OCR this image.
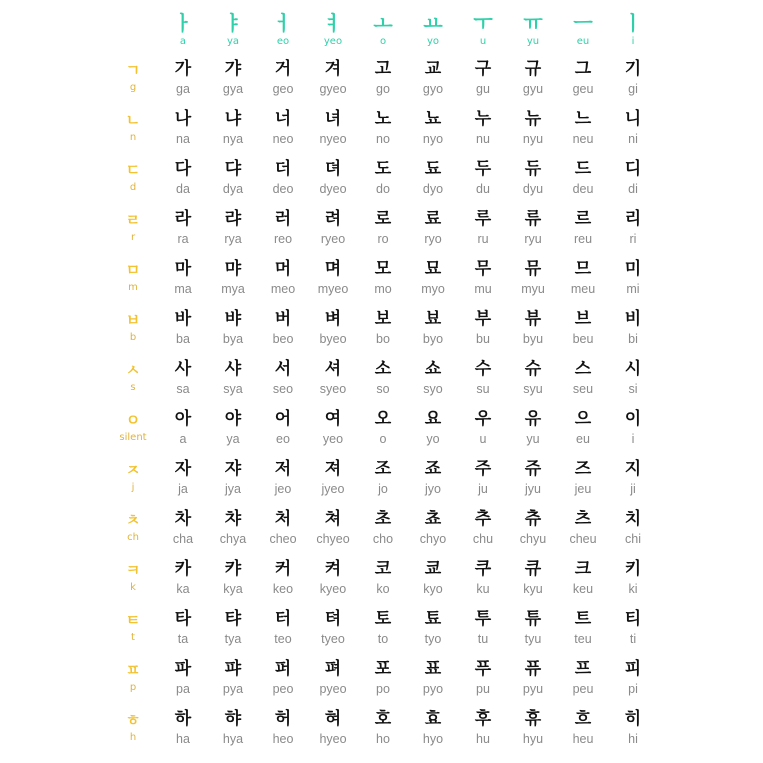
ㅏ
a
ㅑ
ya
ㅓ
eo
ㅕ
yeo
ㅗ
o
ㅛ
yo
ㅜ
u
ㅠ
yu
ㅡ
eu
ㅣ
i
ㄱ
g
가
ga
갸
gya
거
geo
겨
gyeo
고
go
교
gyo
구
gu
규
gyu
그
geu
기
gi
ㄴ
n
나
na
냐
nya
너
neo
녀
nyeo
노
no
뇨
nyo
누
nu
뉴
nyu
느
neu
니
ni
ㄷ
d
다
da
댜
dya
더
deo
뎌
dyeo
도
do
됴
dyo
두
du
듀
dyu
드
deu
디
di
ㄹ
r
라
ra
랴
rya
러
reo
려
ryeo
로
ro
료
ryo
루
ru
류
ryu
르
reu
리
ri
ㅁ
m
마
ma
먀
mya
머
meo
며
myeo
모
mo
묘
myo
무
mu
뮤
myu
므
meu
미
mi
ㅂ
b
바
ba
뱌
bya
버
beo
벼
byeo
보
bo
뵤
byo
부
bu
뷰
byu
브
beu
비
bi
ㅅ
s
사
sa
샤
sya
서
seo
셔
syeo
소
so
쇼
syo
수
su
슈
syu
스
seu
시
si
ㅇ
silent
아
a
야
ya
어
eo
여
yeo
오
o
요
yo
우
u
유
yu
으
eu
이
i
ㅈ
j
자
ja
쟈
jya
저
jeo
져
jyeo
조
jo
죠
jyo
주
ju
쥬
jyu
즈
jeu
지
ji
ㅊ
ch
차
cha
챠
chya
처
cheo
쳐
chyeo
초
cho
쵸
chyo
추
chu
츄
chyu
츠
cheu
치
chi
ㅋ
k
카
ka
캬
kya
커
keo
켜
kyeo
코
ko
쿄
kyo
쿠
ku
큐
kyu
크
keu
키
ki
ㅌ
t
타
ta
탸
tya
터
teo
텨
tyeo
토
to
툐
tyo
투
tu
튜
tyu
트
teu
티
ti
ㅍ
p
파
pa
퍄
pya
퍼
peo
펴
pyeo
포
po
표
pyo
푸
pu
퓨
pyu
프
peu
피
pi
ㅎ
h
하
ha
햐
hya
허
heo
혀
hyeo
호
ho
효
hyo
후
hu
휴
hyu
흐
heu
히
hi
